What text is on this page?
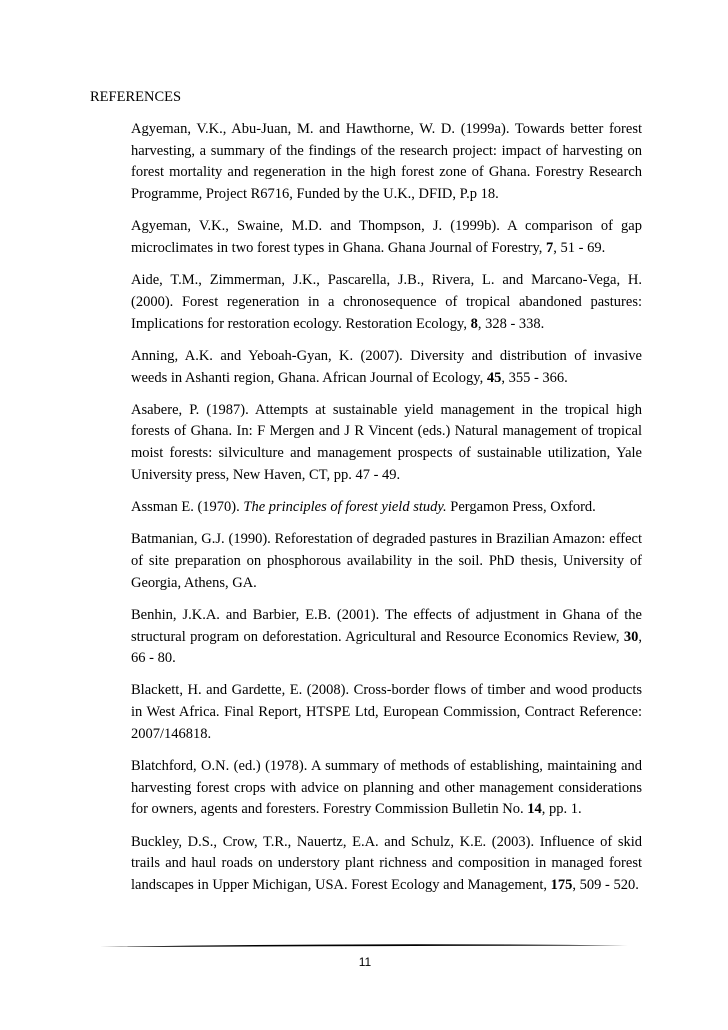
REFERENCES

Agyeman, V.K., Abu-Juan, M. and Hawthorne, W. D. (1999a). Towards better forest harvesting, a summary of the findings of the research project: impact of harvesting on forest mortality and regeneration in the high forest zone of Ghana. Forestry Research Programme, Project R6716, Funded by the U.K., DFID, P.p 18.

Agyeman, V.K., Swaine, M.D. and Thompson, J. (1999b). A comparison of gap microclimates in two forest types in Ghana. Ghana Journal of Forestry, 7, 51 - 69.

Aide, T.M., Zimmerman, J.K., Pascarella, J.B., Rivera, L. and Marcano-Vega, H. (2000). Forest regeneration in a chronosequence of tropical abandoned pastures: Implications for restoration ecology. Restoration Ecology, 8, 328 - 338.

Anning, A.K. and Yeboah-Gyan, K. (2007). Diversity and distribution of invasive weeds in Ashanti region, Ghana. African Journal of Ecology, 45, 355 - 366.

Asabere, P. (1987). Attempts at sustainable yield management in the tropical high forests of Ghana. In: F Mergen and J R Vincent (eds.) Natural management of tropical moist forests: silviculture and management prospects of sustainable utilization, Yale University press, New Haven, CT, pp. 47 - 49.

Assman E. (1970). The principles of forest yield study. Pergamon Press, Oxford.

Batmanian, G.J. (1990). Reforestation of degraded pastures in Brazilian Amazon: effect of site preparation on phosphorous availability in the soil. PhD thesis, University of Georgia, Athens, GA.

Benhin, J.K.A. and Barbier, E.B. (2001). The effects of adjustment in Ghana of the structural program on deforestation. Agricultural and Resource Economics Review, 30, 66 - 80.

Blackett, H. and Gardette, E. (2008). Cross-border flows of timber and wood products in West Africa. Final Report, HTSPE Ltd, European Commission, Contract Reference: 2007/146818.

Blatchford, O.N. (ed.) (1978). A summary of methods of establishing, maintaining and harvesting forest crops with advice on planning and other management considerations for owners, agents and foresters. Forestry Commission Bulletin No. 14, pp. 1.

Buckley, D.S., Crow, T.R., Nauertz, E.A. and Schulz, K.E. (2003). Influence of skid trails and haul roads on understory plant richness and composition in managed forest landscapes in Upper Michigan, USA. Forest Ecology and Management, 175, 509 - 520.

11
